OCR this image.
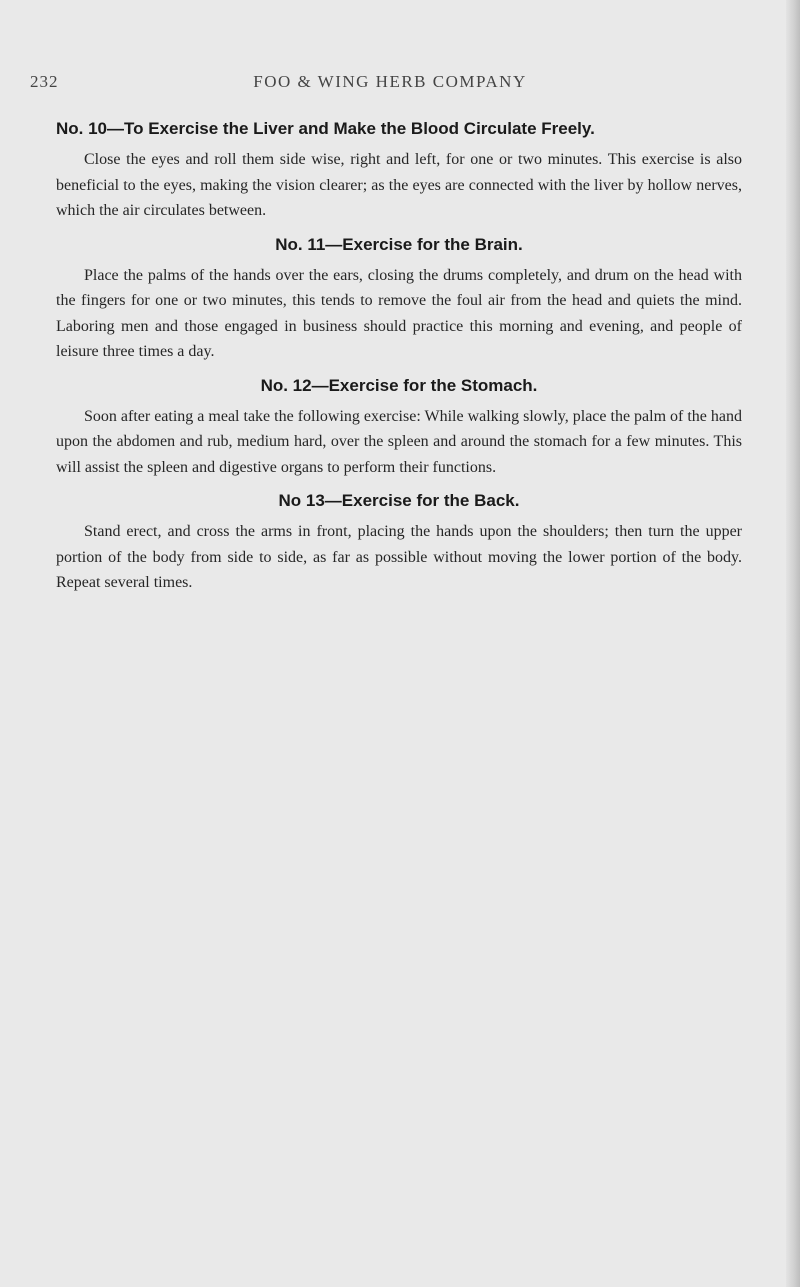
232	FOO & WING HERB COMPANY
No. 10—To Exercise the Liver and Make the Blood Circulate Freely.

Close the eyes and roll them side wise, right and left, for one or two minutes. This exercise is also beneficial to the eyes, making the vision clearer; as the eyes are connected with the liver by hollow nerves, which the air circulates between.

No. 11—Exercise for the Brain.

Place the palms of the hands over the ears, closing the drums completely, and drum on the head with the fingers for one or two minutes, this tends to remove the foul air from the head and quiets the mind. Laboring men and those engaged in business should practice this morning and evening, and people of leisure three times a day.

No. 12—Exercise for the Stomach.

Soon after eating a meal take the following exercise: While walking slowly, place the palm of the hand upon the abdomen and rub, medium hard, over the spleen and around the stomach for a few minutes. This will assist the spleen and digestive organs to perform their functions.

No 13—Exercise for the Back.

Stand erect, and cross the arms in front, placing the hands upon the shoulders; then turn the upper portion of the body from side to side, as far as possible without moving the lower portion of the body. Repeat several times.
